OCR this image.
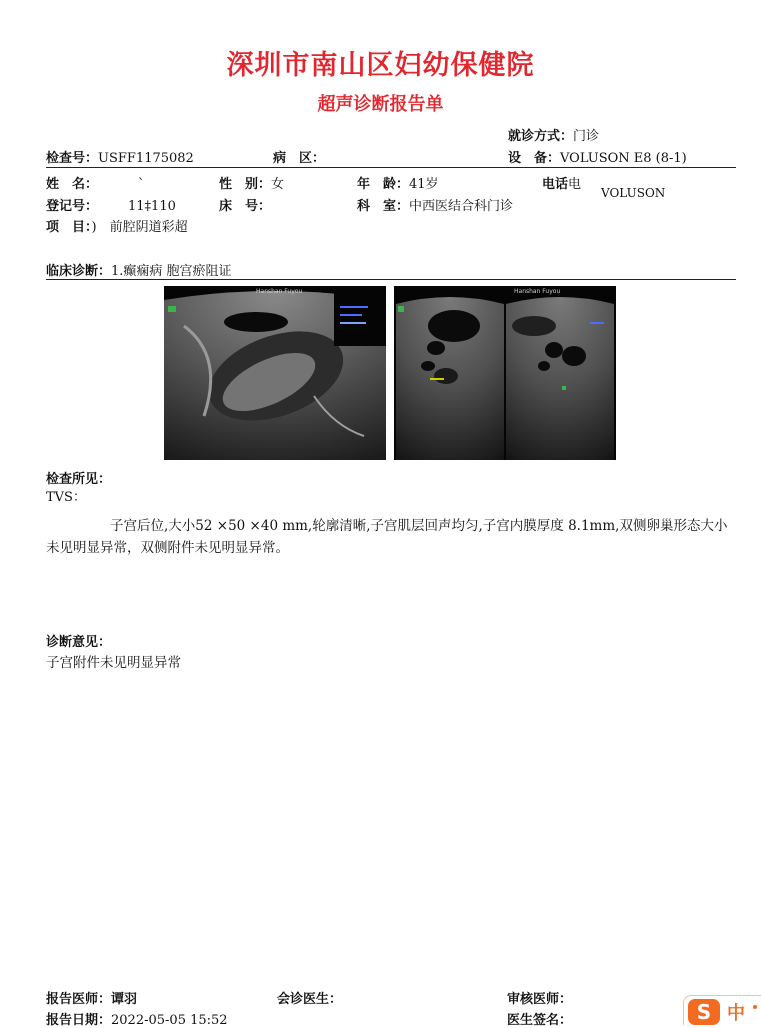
深圳市南山区妇幼保健院
超声诊断报告单
就诊方式：门诊
检查号：USFF1175082	病　区：	设　备：VOLUSON E8 (8-1)
姓　名：	`	性　别：女	年　龄：41岁	电话电
VOLUSON
登记号： 11‡110	床　号：	科　室：中西医结合科门诊
项　目：)　前腔阴道彩超
临床诊断：1.癫痫病 胞宫瘀阻证
Hanshan Fuyou	Hanshan Fuyou
检查所见：
TVS：
子宫后位,大小52 ×50 ×40 mm,轮廓清晰,子宫肌层回声均匀,子宫内膜厚度 8.1mm,双侧卵巢形态大小未见明显异常，双侧附件未见明显异常。
诊断意见：
子宫附件未见明显异常
报告医师：谭羽	会诊医生：	审核医师：
报告日期：2022-05-05 15:52	医生签名：	S 中
